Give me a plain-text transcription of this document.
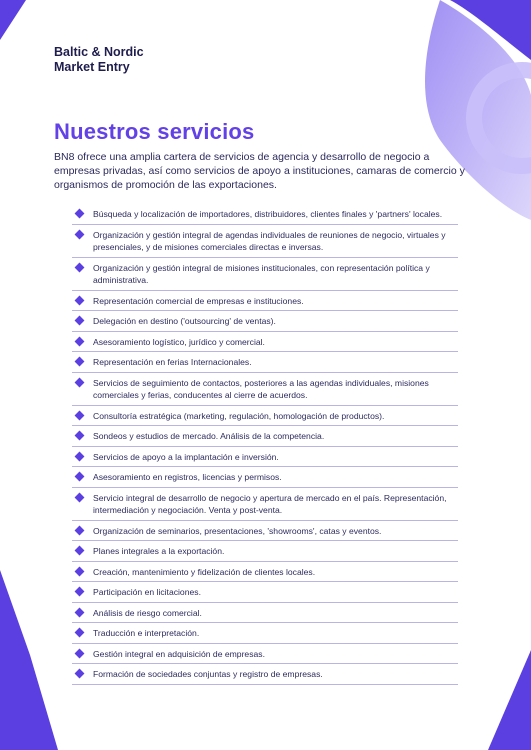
Baltic & Nordic
Market Entry
Nuestros servicios

BN8 ofrece una amplia cartera de servicios de agencia y desarrollo de negocio a empresas privadas, así como servicios de apoyo a instituciones, camaras de comercio y organismos de promoción de las exportaciones.

Búsqueda y localización de importadores, distribuidores, clientes finales y 'partners' locales.
Organización y gestión integral de agendas individuales de reuniones de negocio, virtuales y presenciales, y de misiones comerciales directas e inversas.
Organización y gestión integral de misiones institucionales, con representación política y administrativa.
Representación comercial de empresas e instituciones.
Delegación en destino ('outsourcing' de ventas).
Asesoramiento logístico, jurídico y comercial.
Representación en ferias Internacionales.
Servicios de seguimiento de contactos, posteriores a las agendas individuales, misiones comerciales y ferias, conducentes al cierre de acuerdos.
Consultoría estratégica (marketing, regulación, homologación de productos).
Sondeos y estudios de mercado. Análisis de la competencia.
Servicios de apoyo a la implantación e inversión.
Asesoramiento en registros, licencias y permisos.
Servicio integral de desarrollo de negocio y apertura de mercado en el país. Representación, intermediación y negociación. Venta y post-venta.
Organización de seminarios, presentaciones, 'showrooms', catas y eventos.
Planes integrales a la exportación.
Creación, mantenimiento y fidelización de clientes locales.
Participación en licitaciones.
Análisis de riesgo comercial.
Traducción e interpretación.
Gestión integral en adquisición de empresas.
Formación de sociedades conjuntas y registro de empresas.
